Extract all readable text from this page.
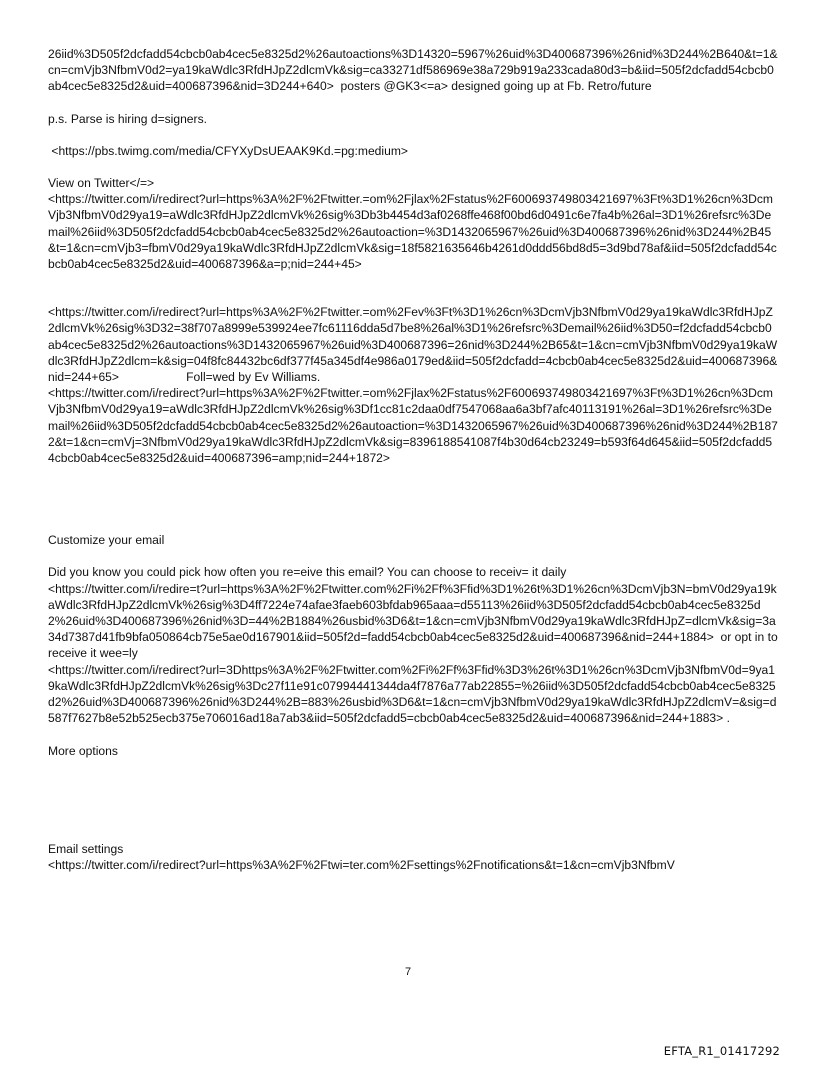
26iid%3D505f2dcfadd54cbcb0ab4cec5e8325d2%26autoactions%3D14320=5967%26uid%3D400687396%26nid%3D244%2B640&t=1&cn=cmVjb3NfbmV0d2=ya19kaWdlc3RfdHJpZ2dlcmVk&sig=ca33271df586969e38a729b919a233cada80d3=b&iid=505f2dcfadd54cbcb0ab4cec5e8325d2&uid=400687396&nid=3D244+640>  posters @GK3<=a> designed going up at Fb. Retro/future

p.s. Parse is hiring d=signers.

<https://pbs.twimg.com/media/CFYXyDsUEAAK9Kd.=pg:medium>

View on Twitter</=>
<https://twitter.com/i/redirect?url=https%3A%2F%2Ftwitter.=om%2Fjlax%2Fstatus%2F600693749803421697%3Ft%3D1%26cn%3DcmVjb3NfbmV0d29ya19=aWdlc3RfdHJpZ2dlcmVk%26sig%3Db3b4454d3af0268ffe468f00bd6d0491c6e7fa4b%26al=3D1%26refsrc%3Demail%26iid%3D505f2dcfadd54cbcb0ab4cec5e8325d2%26autoaction=%3D1432065967%26uid%3D400687396%26nid%3D244%2B45&t=1&cn=cmVjb3=fbmV0d29ya19kaWdlc3RfdHJpZ2dlcmVk&sig=18f5821635646b4261d0ddd56bd8d5=3d9bd78af&iid=505f2dcfadd54cbcb0ab4cec5e8325d2&uid=400687396&a=p;nid=244+45>

<https://twitter.com/i/redirect?url=https%3A%2F%2Ftwitter.=om%2Fev%3Ft%3D1%26cn%3DcmVjb3NfbmV0d29ya19kaWdlc3RfdHJpZ2dlcmVk%26sig%3D32=38f707a8999e539924ee7fc61116dda5d7be8%26al%3D1%26refsrc%3Demail%26iid%3D50=f2dcfadd54cbcb0ab4cec5e8325d2%26autoactions%3D1432065967%26uid%3D400687396=26nid%3D244%2B65&t=1&cn=cmVjb3NfbmV0d29ya19kaWdlc3RfdHJpZ2dlcm=k&sig=04f8fc84432bc6df377f45a345df4e986a0179ed&iid=505f2dcfadd=4cbcb0ab4cec5e8325d2&uid=400687396&nid=244+65>                    Foll=wed by Ev Williams.
<https://twitter.com/i/redirect?url=https%3A%2F%2Ftwitter.=om%2Fjlax%2Fstatus%2F600693749803421697%3Ft%3D1%26cn%3DcmVjb3NfbmV0d29ya19=aWdlc3RfdHJpZ2dlcmVk%26sig%3Df1cc81c2daa0df7547068aa6a3bf7afc40113191%26al=3D1%26refsrc%3Demail%26iid%3D505f2dcfadd54cbcb0ab4cec5e8325d2%26autoaction=%3D1432065967%26uid%3D400687396%26nid%3D244%2B1872&t=1&cn=cmVj=3NfbmV0d29ya19kaWdlc3RfdHJpZ2dlcmVk&sig=8396188541087f4b30d64cb23249=b593f64d645&iid=505f2dcfadd54cbcb0ab4cec5e8325d2&uid=400687396=amp;nid=244+1872>

Customize your email

Did you know you could pick how often you re=eive this email? You can choose to receiv= it daily
<https://twitter.com/i/redire=t?url=https%3A%2F%2Ftwitter.com%2Fi%2Ff%3Ffid%3D1%26t%3D1%26cn%3DcmVjb3N=bmV0d29ya19kaWdlc3RfdHJpZ2dlcmVk%26sig%3D4ff7224e74afae3faeb603bfdab965aaa=d55113%26iid%3D505f2dcfadd54cbcb0ab4cec5e8325d2%26uid%3D400687396%26nid%3D=44%2B1884%26usbid%3D6&t=1&cn=cmVjb3NfbmV0d29ya19kaWdlc3RfdHJpZ=dlcmVk&sig=3a34d7387d41fb9bfa050864cb75e5ae0d167901&iid=505f2d=fadd54cbcb0ab4cec5e8325d2&uid=400687396&nid=244+1884>  or opt in to receive it wee=ly
<https://twitter.com/i/redirect?url=3Dhttps%3A%2F%2Ftwitter.com%2Fi%2Ff%3Ffid%3D3%26t%3D1%26cn%3DcmVjb3NfbmV0d=9ya19kaWdlc3RfdHJpZ2dlcmVk%26sig%3Dc27f11e91c07994441344da4f7876a77ab22855=%26iid%3D505f2dcfadd54cbcb0ab4cec5e8325d2%26uid%3D400687396%26nid%3D244%2B=883%26usbid%3D6&t=1&cn=cmVjb3NfbmV0d29ya19kaWdlc3RfdHJpZ2dlcmV=&sig=d587f7627b8e52b525ecb375e706016ad18a7ab3&iid=505f2dcfadd5=cbcb0ab4cec5e8325d2&uid=400687396&nid=244+1883> .

More options

Email settings
<https://twitter.com/i/redirect?url=https%3A%2F%2Ftwi=ter.com%2Fsettings%2Fnotifications&t=1&cn=cmVjb3NfbmV

7
EFTA_R1_01417292
